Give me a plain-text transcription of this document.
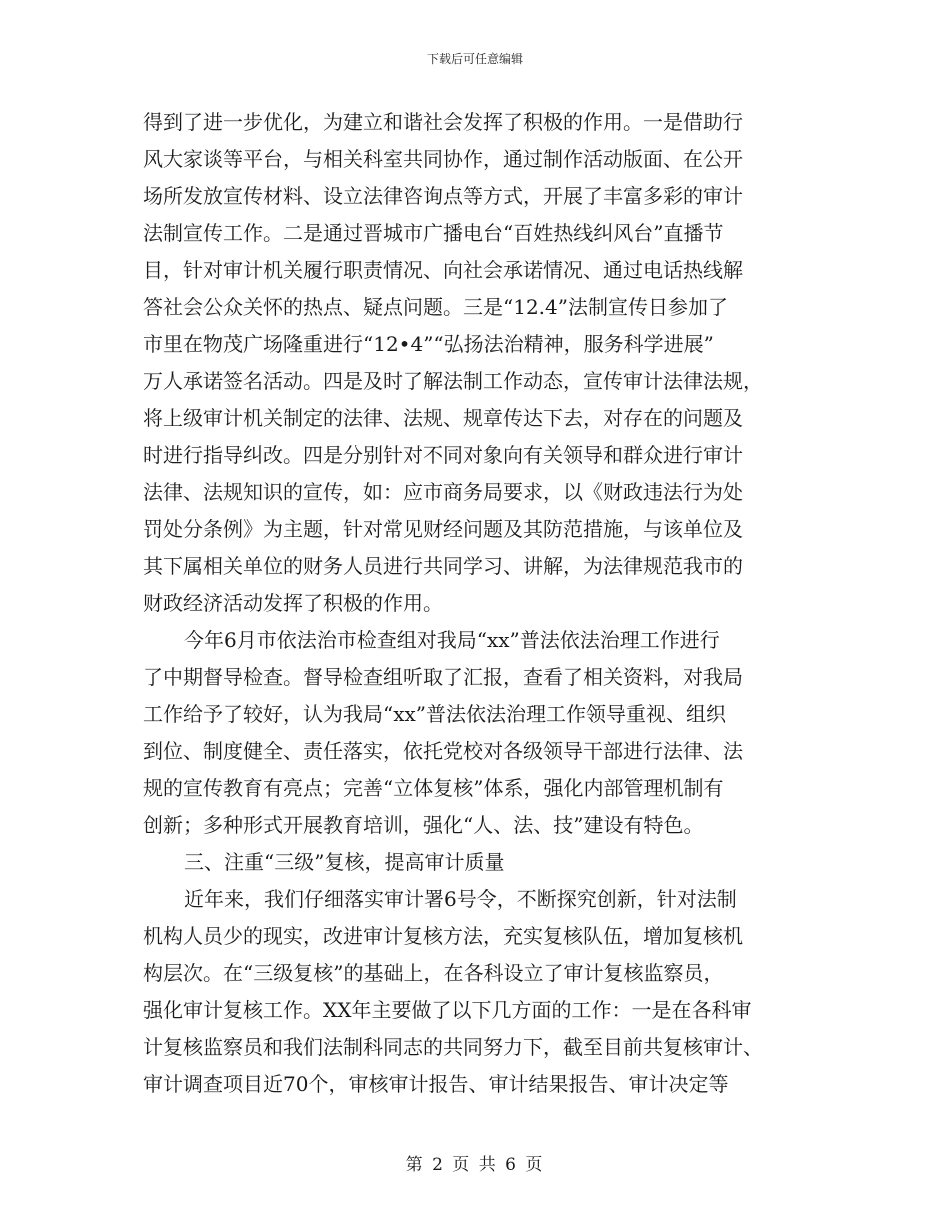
下载后可任意编辑
得到了进一步优化，为建立和谐社会发挥了积极的作用。一是借助行
风大家谈等平台，与相关科室共同协作，通过制作活动版面、在公开
场所发放宣传材料、设立法律咨询点等方式，开展了丰富多彩的审计
法制宣传工作。二是通过晋城市广播电台“百姓热线纠风台”直播节
目，针对审计机关履行职责情况、向社会承诺情况、通过电话热线解
答社会公众关怀的热点、疑点问题。三是“12.4”法制宣传日参加了
市里在物茂广场隆重进行“12•4”“弘扬法治精神，服务科学进展”
万人承诺签名活动。四是及时了解法制工作动态，宣传审计法律法规，
将上级审计机关制定的法律、法规、规章传达下去，对存在的问题及
时进行指导纠改。四是分别针对不同对象向有关领导和群众进行审计
法律、法规知识的宣传，如：应市商务局要求，以《财政违法行为处
罚处分条例》为主题，针对常见财经问题及其防范措施，与该单位及
其下属相关单位的财务人员进行共同学习、讲解，为法律规范我市的
财政经济活动发挥了积极的作用。
今年6月市依法治市检查组对我局“xx”普法依法治理工作进行
了中期督导检查。督导检查组听取了汇报，查看了相关资料，对我局
工作给予了较好，认为我局“xx”普法依法治理工作领导重视、组织
到位、制度健全、责任落实，依托党校对各级领导干部进行法律、法
规的宣传教育有亮点；完善“立体复核”体系，强化内部管理机制有
创新；多种形式开展教育培训，强化“人、法、技”建设有特色。
三、注重“三级”复核，提高审计质量
近年来，我们仔细落实审计署6号令，不断探究创新，针对法制
机构人员少的现实，改进审计复核方法，充实复核队伍，增加复核机
构层次。在“三级复核”的基础上，在各科设立了审计复核监察员，
强化审计复核工作。XX年主要做了以下几方面的工作：一是在各科审
计复核监察员和我们法制科同志的共同努力下，截至目前共复核审计、
审计调查项目近70个，审核审计报告、审计结果报告、审计决定等
第 2 页 共 6 页
